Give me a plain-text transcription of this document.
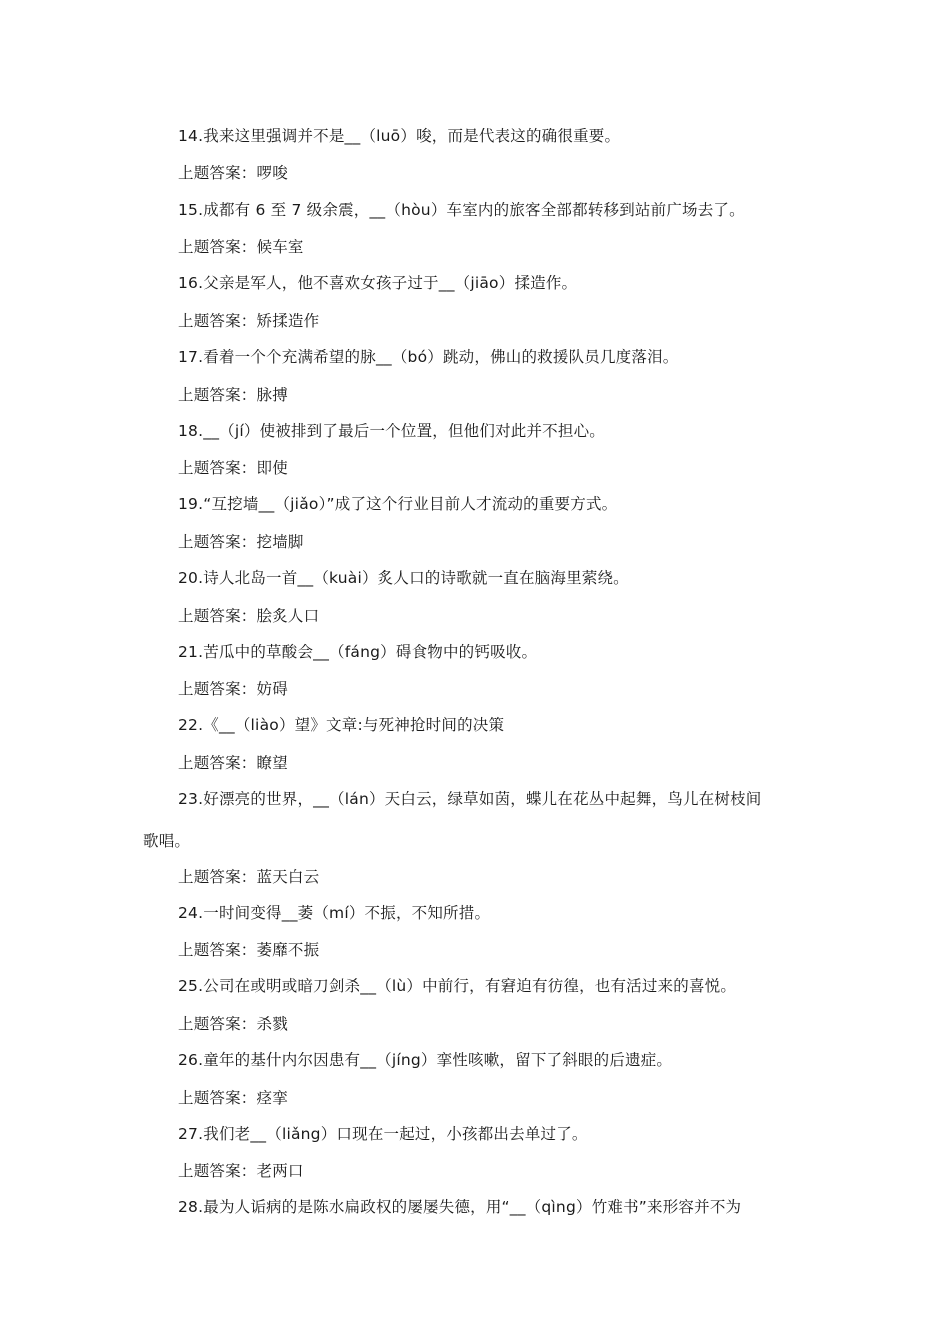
14.我来这里强调并不是__（luō）唆，而是代表这的确很重要。
上题答案：啰唆
15.成都有 6 至 7 级余震，__（hòu）车室内的旅客全部都转移到站前广场去了。
上题答案：候车室
16.父亲是军人，他不喜欢女孩子过于__（jiāo）揉造作。
上题答案：矫揉造作
17.看着一个个充满希望的脉__（bó）跳动，佛山的救援队员几度落泪。
上题答案：脉搏
18.__（jí）使被排到了最后一个位置，但他们对此并不担心。
上题答案：即使
19.“互挖墙__（jiǎo）”成了这个行业目前人才流动的重要方式。
上题答案：挖墙脚
20.诗人北岛一首__（kuài）炙人口的诗歌就一直在脑海里萦绕。
上题答案：脍炙人口
21.苦瓜中的草酸会__（fáng）碍食物中的钙吸收。
上题答案：妨碍
22.《__（liào）望》文章:与死神抢时间的决策
上题答案：瞭望
23.好漂亮的世界，__（lán）天白云，绿草如茵，蝶儿在花丛中起舞，鸟儿在树枝间
歌唱。
上题答案：蓝天白云
24.一时间变得__萎（mí）不振，不知所措。
上题答案：萎靡不振
25.公司在或明或暗刀剑杀__（lù）中前行，有窘迫有彷徨，也有活过来的喜悦。
上题答案：杀戮
26.童年的基什内尔因患有__（jíng）挛性咳嗽，留下了斜眼的后遗症。
上题答案：痉挛
27.我们老__（liǎng）口现在一起过，小孩都出去单过了。
上题答案：老两口
28.最为人诟病的是陈水扁政权的屡屡失德，用“__（qìng）竹难书”来形容并不为
